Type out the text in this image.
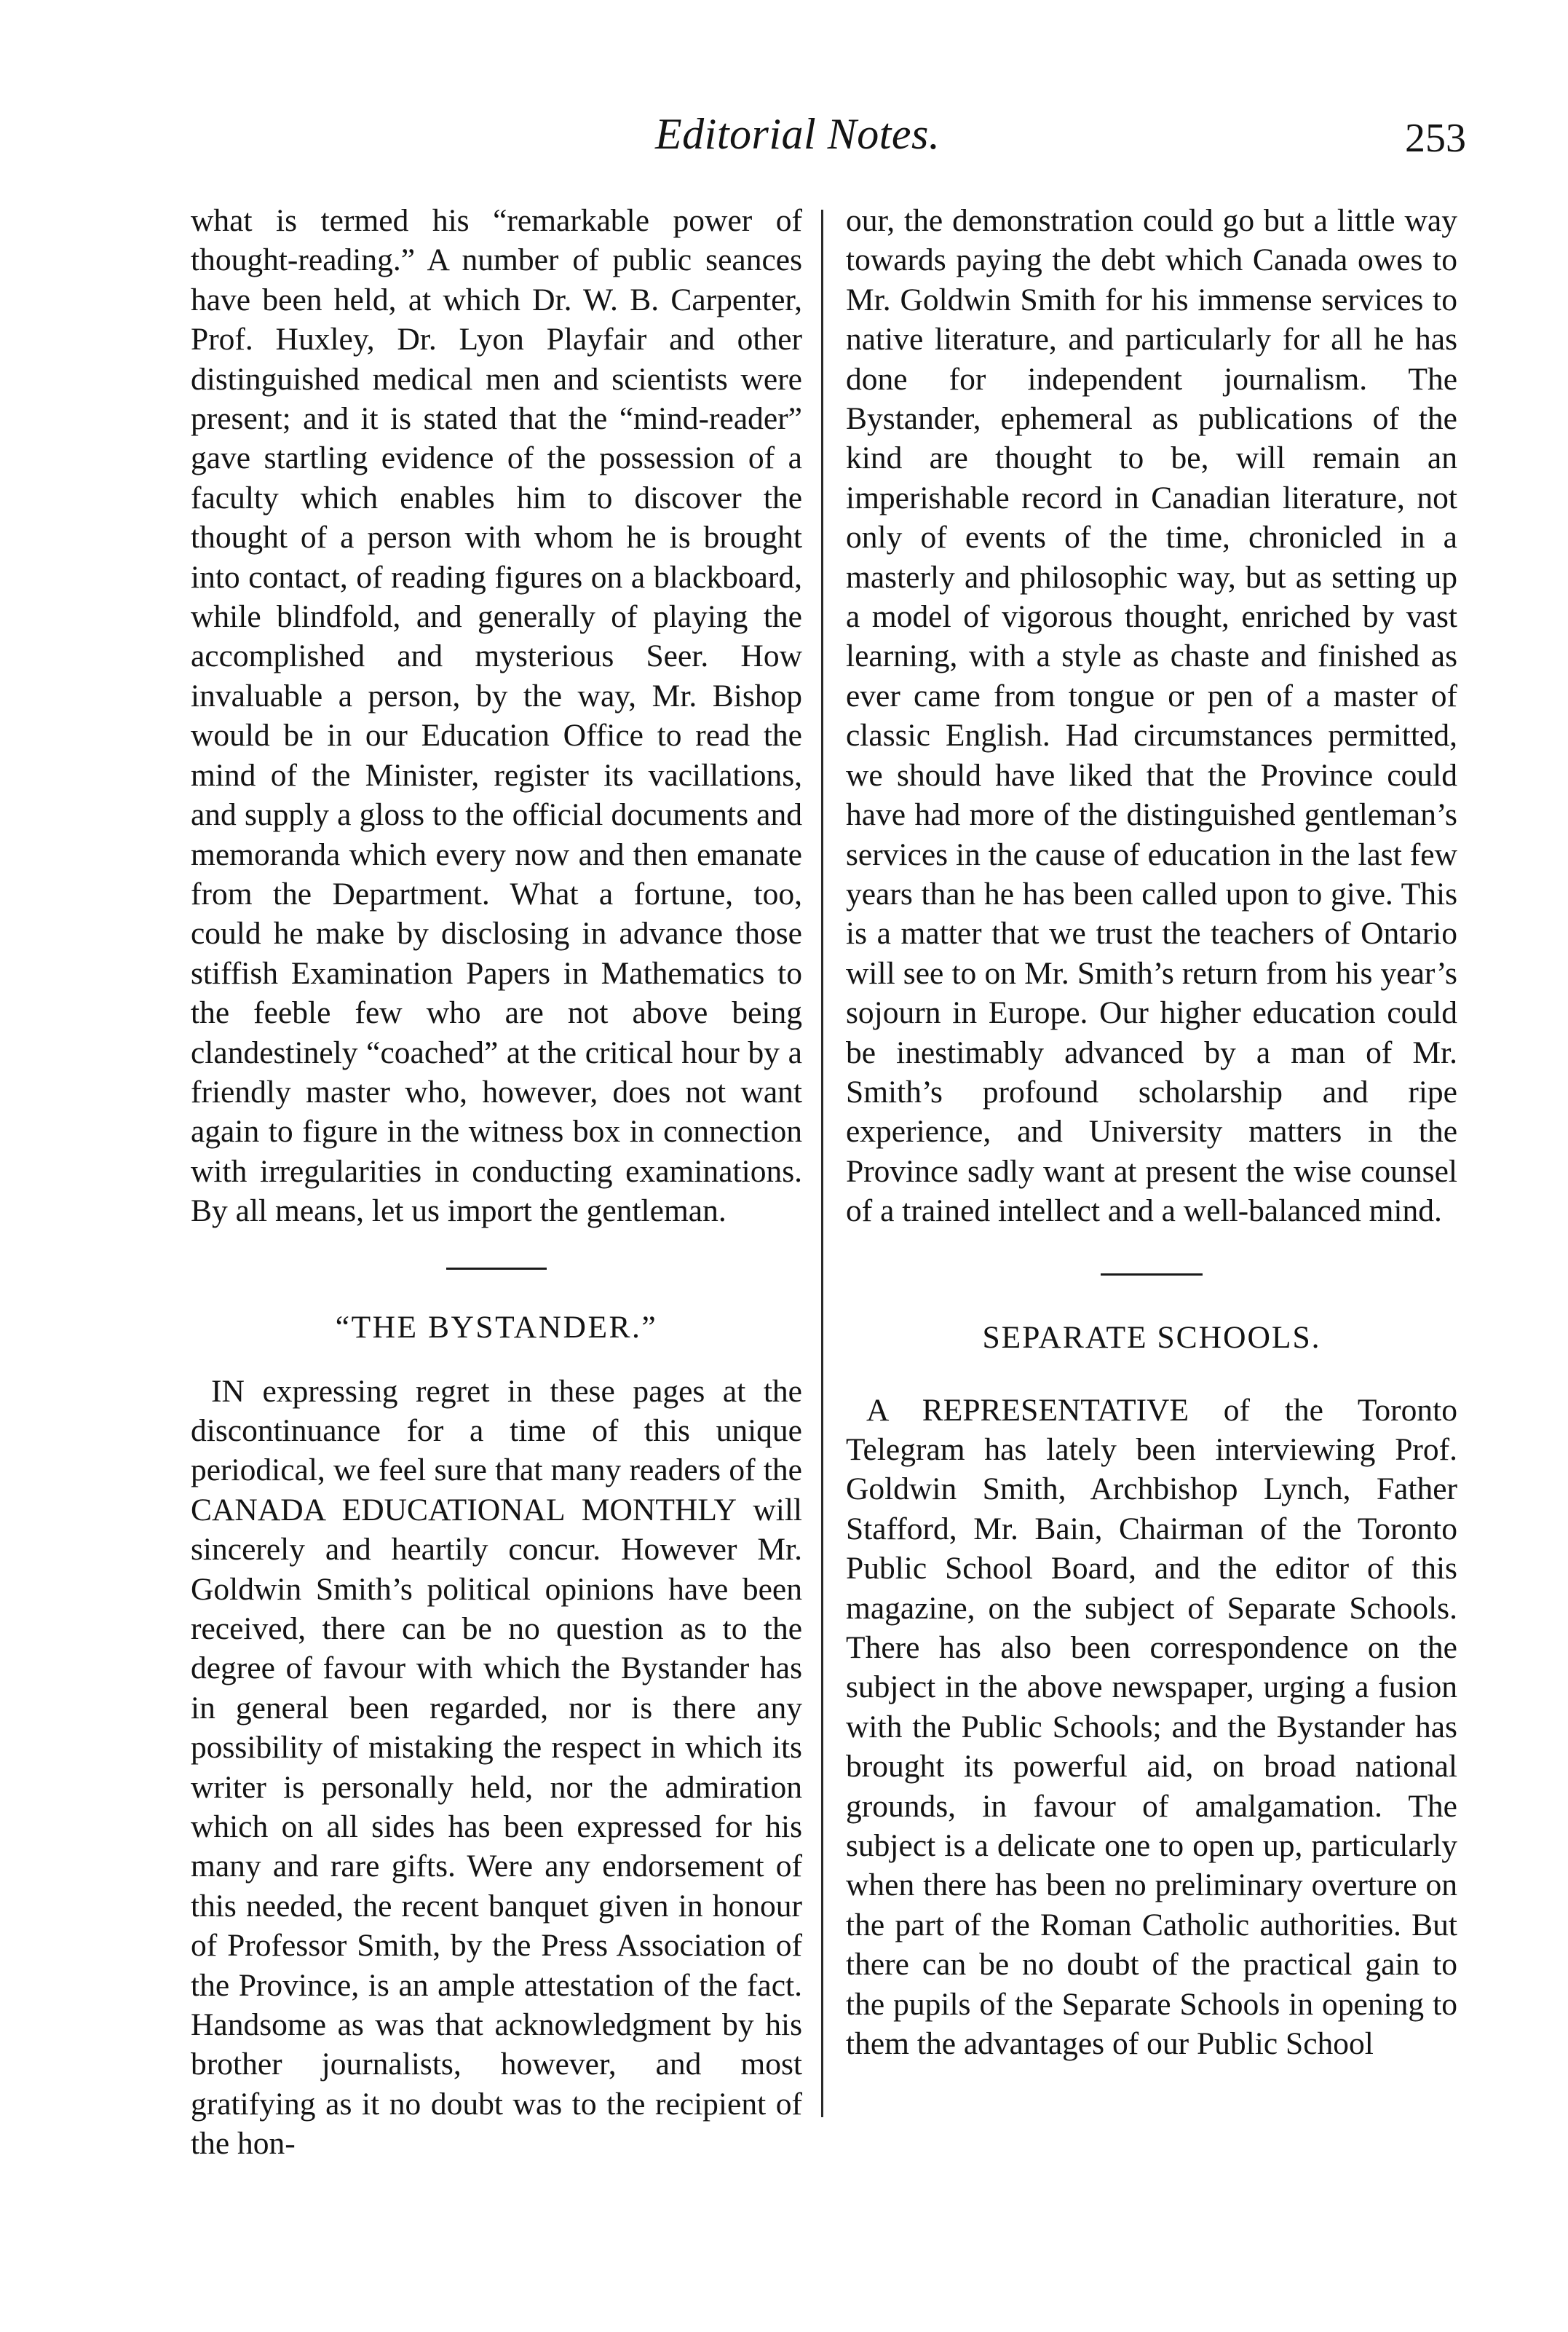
Editorial Notes.	253

what is termed his “remarkable power of thought-reading.” A number of public seances have been held, at which Dr. W. B. Carpenter, Prof. Huxley, Dr. Lyon Playfair and other distinguished medical men and scientists were present; and it is stated that the “mind-reader” gave startling evidence of the possession of a faculty which enables him to discover the thought of a person with whom he is brought into contact, of reading figures on a blackboard, while blindfold, and generally of playing the accomplished and mysterious Seer. How invaluable a person, by the way, Mr. Bishop would be in our Education Office to read the mind of the Minister, register its vacillations, and supply a gloss to the official documents and memoranda which every now and then emanate from the Department. What a fortune, too, could he make by disclosing in advance those stiffish Examination Papers in Mathematics to the feeble few who are not above being clandestinely “coached” at the critical hour by a friendly master who, however, does not want again to figure in the witness box in connection with irregularities in conducting examinations. By all means, let us import the gentleman.

“THE BYSTANDER.”

IN expressing regret in these pages at the discontinuance for a time of this unique periodical, we feel sure that many readers of the CANADA EDUCATIONAL MONTHLY will sincerely and heartily concur. However Mr. Goldwin Smith’s political opinions have been received, there can be no question as to the degree of favour with which the Bystander has in general been regarded, nor is there any possibility of mistaking the respect in which its writer is personally held, nor the admiration which on all sides has been expressed for his many and rare gifts. Were any endorsement of this needed, the recent banquet given in honour of Professor Smith, by the Press Association of the Province, is an ample attestation of the fact. Handsome as was that acknowledgment by his brother journalists, however, and most gratifying as it no doubt was to the recipient of the hon-

our, the demonstration could go but a little way towards paying the debt which Canada owes to Mr. Goldwin Smith for his immense services to native literature, and particularly for all he has done for independent journalism. The Bystander, ephemeral as publications of the kind are thought to be, will remain an imperishable record in Canadian literature, not only of events of the time, chronicled in a masterly and philosophic way, but as setting up a model of vigorous thought, enriched by vast learning, with a style as chaste and finished as ever came from tongue or pen of a master of classic English. Had circumstances permitted, we should have liked that the Province could have had more of the distinguished gentleman’s services in the cause of education in the last few years than he has been called upon to give. This is a matter that we trust the teachers of Ontario will see to on Mr. Smith’s return from his year’s sojourn in Europe. Our higher education could be inestimably advanced by a man of Mr. Smith’s profound scholarship and ripe experience, and University matters in the Province sadly want at present the wise counsel of a trained intellect and a well-balanced mind.

SEPARATE SCHOOLS.

A REPRESENTATIVE of the Toronto Telegram has lately been interviewing Prof. Goldwin Smith, Archbishop Lynch, Father Stafford, Mr. Bain, Chairman of the Toronto Public School Board, and the editor of this magazine, on the subject of Separate Schools. There has also been correspondence on the subject in the above newspaper, urging a fusion with the Public Schools; and the Bystander has brought its powerful aid, on broad national grounds, in favour of amalgamation. The subject is a delicate one to open up, particularly when there has been no preliminary overture on the part of the Roman Catholic authorities. But there can be no doubt of the practical gain to the pupils of the Separate Schools in opening to them the advantages of our Public School
